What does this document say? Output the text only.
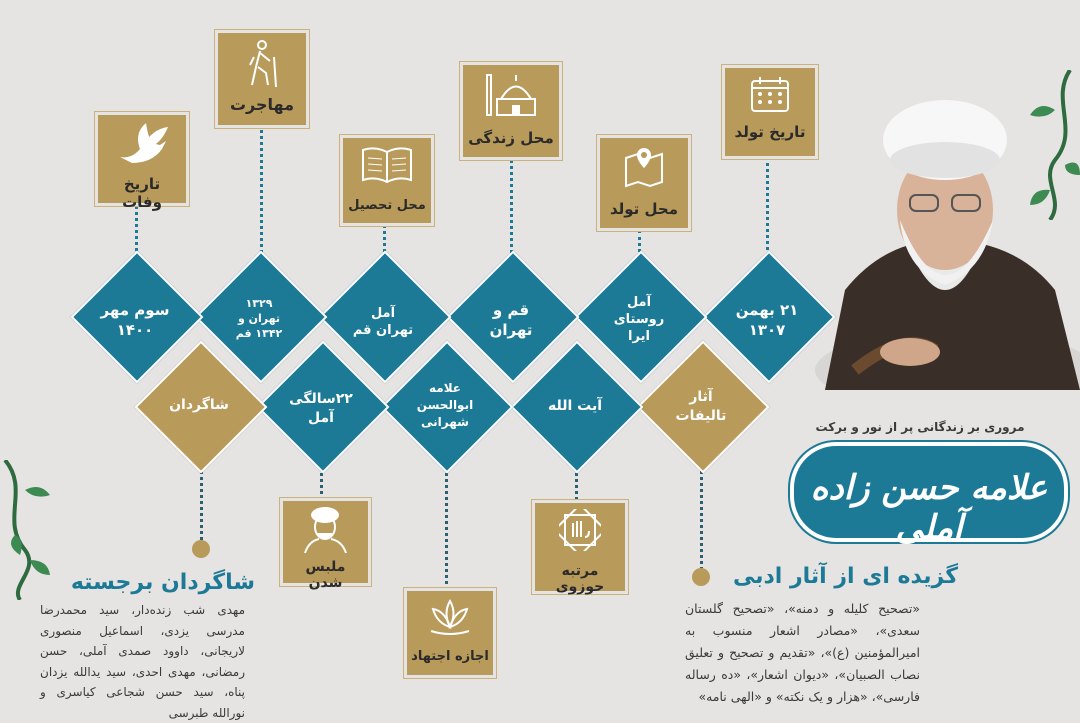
مروری بر زندگانی پر از نور و برکت
علامه حسن زاده آملی
تاریخ تولد
محل تولد
محل زندگی
محل تحصیل
مهاجرت
تاریخ وفات
۲۱ بهمن
۱۳۰۷
آمل
روستای
ایرا
قم و
تهران
آمل
تهران قم
۱۳۲۹
تهران و
۱۳۴۲ قم
سوم مهر
۱۴۰۰
آثار
تالیفات
آیت الله
علامه
ابوالحسن
شهرانی
۲۲سالگی
آمل
شاگردان
مرتبه حوزوی
ملبس شدن
اجازه اجتهاد
شاگردان برجسته
مهدی شب زنده‌دار، سید محمدرضا مدرسی یزدی، اسماعیل منصوری لاریجانی، داوود صمدی آملی، حسن رمضانی، مهدی احدی، سید یدالله یزدان پناه، سید حسن شجاعی کیاسری و نورالله طبرسی
گزیده ای از آثار ادبی
«تصحیح کلیله و دمنه»، «تصحیح گلستان سعدی»، «مصادر اشعار منسوب به امیرالمؤمنین (ع)»، «تقدیم و تصحیح و تعلیق نصاب الصبیان»، «دیوان اشعار»، «ده رساله فارسی»، «هزار و یک نکته» و «الهی نامه»
